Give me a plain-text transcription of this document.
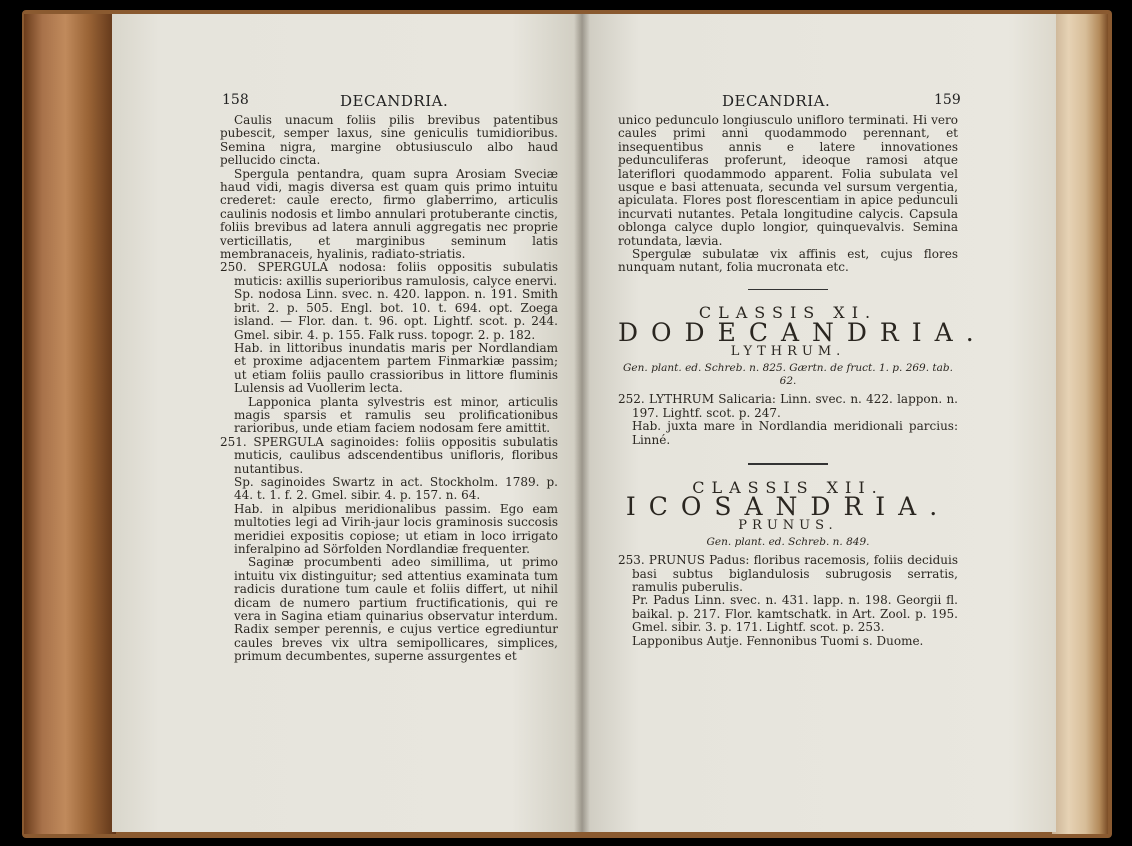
158	DECANDRIA.

Caulis unacum foliis pilis brevibus patentibus pubescit, semper laxus, sine geniculis tumidioribus. Semina nigra, margine obtusiusculo albo haud pellucido cincta.

Spergula pentandra, quam supra Arosiam Sveciæ haud vidi, magis diversa est quam quis primo intuitu crederet: caule erecto, firmo glaberrimo, articulis caulinis nodosis et limbo annulari protuberante cinctis, foliis brevibus ad latera annuli aggregatis nec proprie verticillatis, et marginibus seminum latis membranaceis, hyalinis, radiato-striatis.

250. SPERGULA nodosa: foliis oppositis subulatis muticis: axillis superioribus ramulosis, calyce enervi.

Sp. nodosa Linn. svec. n. 420. lappon. n. 191. Smith brit. 2. p. 505. Engl. bot. 10. t. 694. opt. Zoega island. — Flor. dan. t. 96. opt. Lightf. scot. p. 244. Gmel. sibir. 4. p. 155. Falk russ. topogr. 2. p. 182.

Hab. in littoribus inundatis maris per Nordlandiam et proxime adjacentem partem Finmarkiæ passim; ut etiam foliis paullo crassioribus in littore fluminis Lulensis ad Vuollerim lecta.

Lapponica planta sylvestris est minor, articulis magis sparsis et ramulis seu prolificationibus rarioribus, unde etiam faciem nodosam fere amittit.

251. SPERGULA saginoides: foliis oppositis subulatis muticis, caulibus adscendentibus unifloris, floribus nutantibus.

Sp. saginoides Swartz in act. Stockholm. 1789. p. 44. t. 1. f. 2. Gmel. sibir. 4. p. 157. n. 64.

Hab. in alpibus meridionalibus passim. Ego eam multoties legi ad Virih-jaur locis graminosis succosis meridiei expositis copiose; ut etiam in loco irrigato inferalpino ad Sörfolden Nordlandiæ frequenter.

Saginæ procumbenti adeo simillima, ut primo intuitu vix distinguitur; sed attentius examinata tum radicis duratione tum caule et foliis differt, ut nihil dicam de numero partium fructificationis, qui re vera in Sagina etiam quinarius observatur interdum. Radix semper perennis, e cujus vertice egrediuntur caules breves vix ultra semipollicares, simplices, primum decumbentes, superne assurgentes et

DECANDRIA.	159

unico pedunculo longiusculo unifloro terminati. Hi vero caules primi anni quodammodo perennant, et insequentibus annis e latere innovationes pedunculiferas proferunt, ideoque ramosi atque lateriflori quodammodo apparent. Folia subulata vel usque e basi attenuata, secunda vel sursum vergentia, apiculata. Flores post florescentiam in apice pedunculi incurvati nutantes. Petala longitudine calycis. Capsula oblonga calyce duplo longior, quinquevalvis. Semina rotundata, lævia.

Spergulæ subulatæ vix affinis est, cujus flores nunquam nutant, folia mucronata etc.

CLASSIS XI.
DODECANDRIA.
LYTHRUM.
Gen. plant. ed. Schreb. n. 825. Gærtn. de fruct. 1. p. 269. tab. 62.

252. LYTHRUM Salicaria: Linn. svec. n. 422. lappon. n. 197. Lightf. scot. p. 247.

Hab. juxta mare in Nordlandia meridionali parcius: Linné.

CLASSIS XII.
ICOSANDRIA.
PRUNUS.
Gen. plant. ed. Schreb. n. 849.

253. PRUNUS Padus: floribus racemosis, foliis deciduis basi subtus biglandulosis subrugosis serratis, ramulis puberulis.

Pr. Padus Linn. svec. n. 431. lapp. n. 198. Georgii fl. baikal. p. 217. Flor. kamtschatk. in Art. Zool. p. 195. Gmel. sibir. 3. p. 171. Lightf. scot. p. 253.

Lapponibus Autje. Fennonibus Tuomi s. Duome.
